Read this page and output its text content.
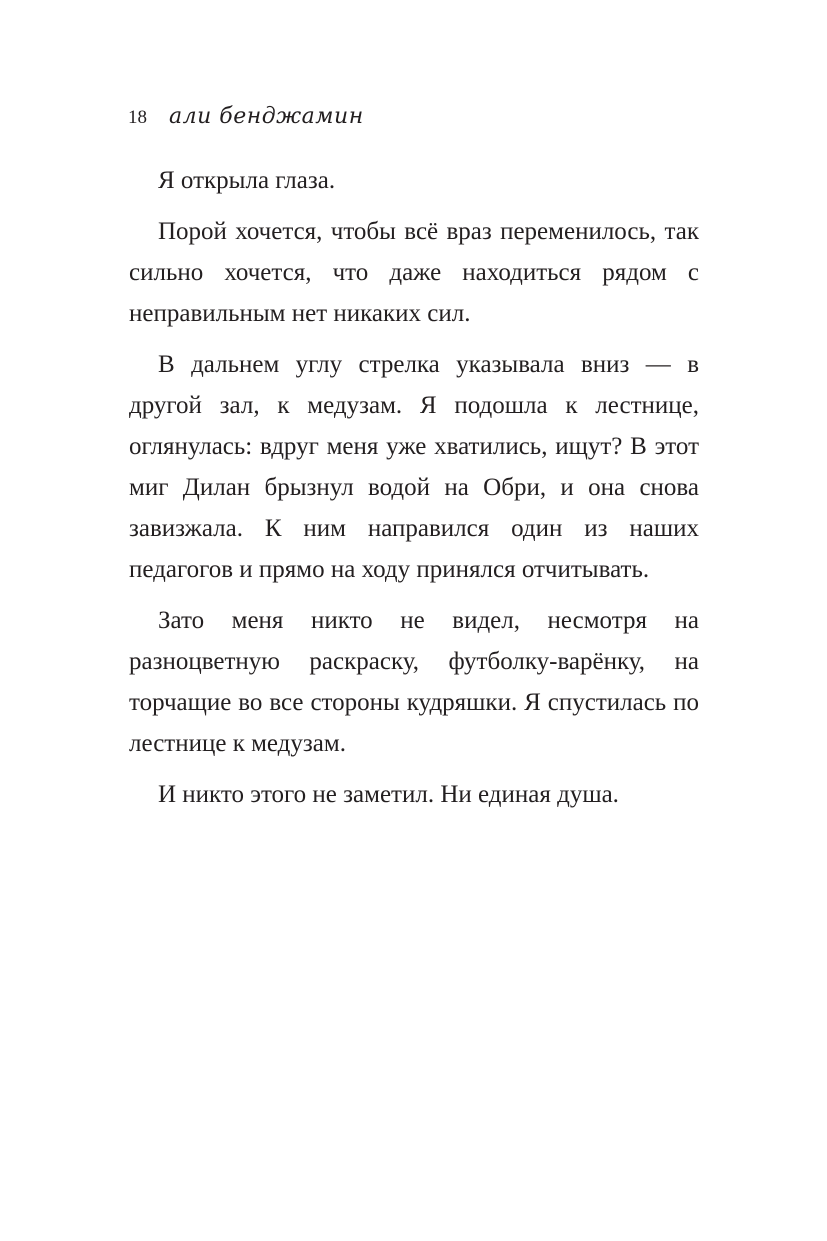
18 али бенджамин

Я открыла глаза.

Порой хочется, чтобы всё враз переменилось, так сильно хочется, что даже находиться рядом с неправильным нет никаких сил.

В дальнем углу стрелка указывала вниз — в другой зал, к медузам. Я подошла к лестнице, оглянулась: вдруг меня уже хватились, ищут? В этот миг Дилан брызнул водой на Обри, и она снова завизжала. К ним направился один из наших педагогов и прямо на ходу принялся отчитывать.

Зато меня никто не видел, несмотря на разноцветную раскраску, футболку-варёнку, на торчащие во все стороны кудряшки. Я спустилась по лестнице к медузам.

И никто этого не заметил. Ни единая душа.
